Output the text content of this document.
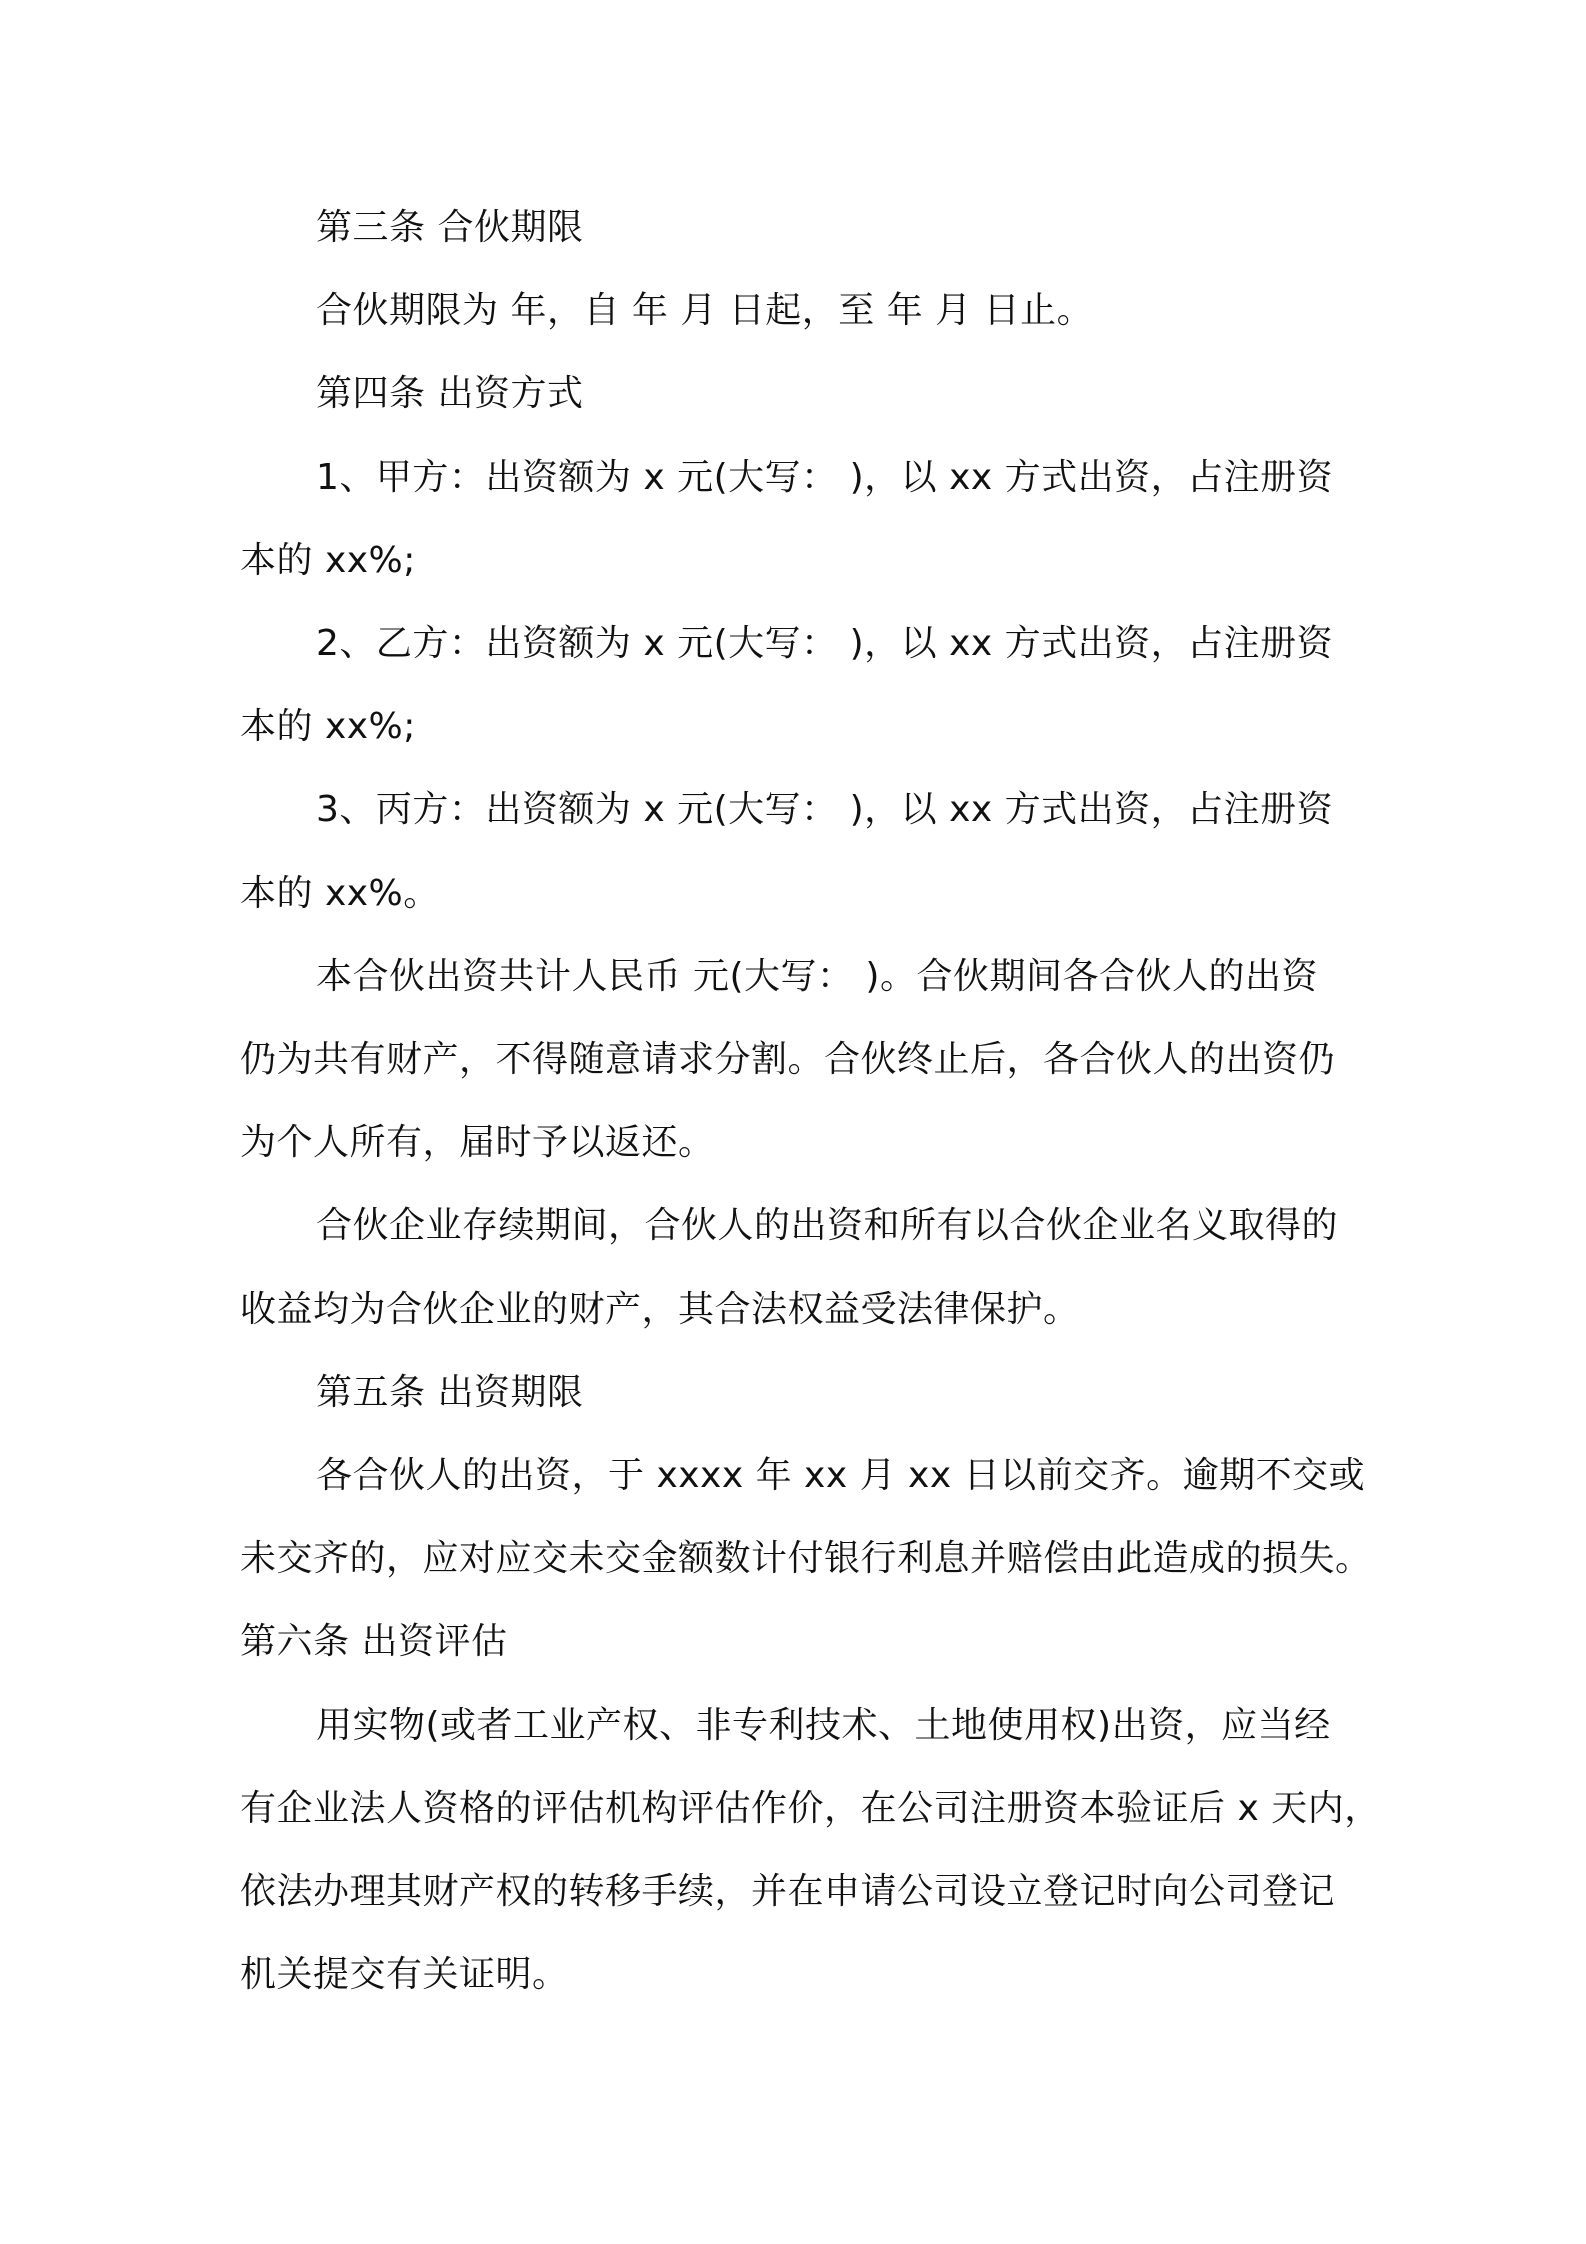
第三条 合伙期限

合伙期限为 年，自 年 月 日起，至 年 月 日止。

第四条 出资方式

1、甲方：出资额为 x 元(大写： )，以 xx 方式出资，占注册资

本的 xx%;

2、乙方：出资额为 x 元(大写： )，以 xx 方式出资，占注册资

本的 xx%;

3、丙方：出资额为 x 元(大写： )，以 xx 方式出资，占注册资

本的 xx%。

本合伙出资共计人民币 元(大写： )。合伙期间各合伙人的出资

仍为共有财产，不得随意请求分割。合伙终止后，各合伙人的出资仍

为个人所有，届时予以返还。

合伙企业存续期间，合伙人的出资和所有以合伙企业名义取得的

收益均为合伙企业的财产，其合法权益受法律保护。

第五条 出资期限

各合伙人的出资，于 xxxx 年 xx 月 xx 日以前交齐。逾期不交或

未交齐的，应对应交未交金额数计付银行利息并赔偿由此造成的损失。

第六条 出资评估

用实物(或者工业产权、非专利技术、土地使用权)出资，应当经

有企业法人资格的评估机构评估作价，在公司注册资本验证后 x 天内，

依法办理其财产权的转移手续，并在申请公司设立登记时向公司登记

机关提交有关证明。
